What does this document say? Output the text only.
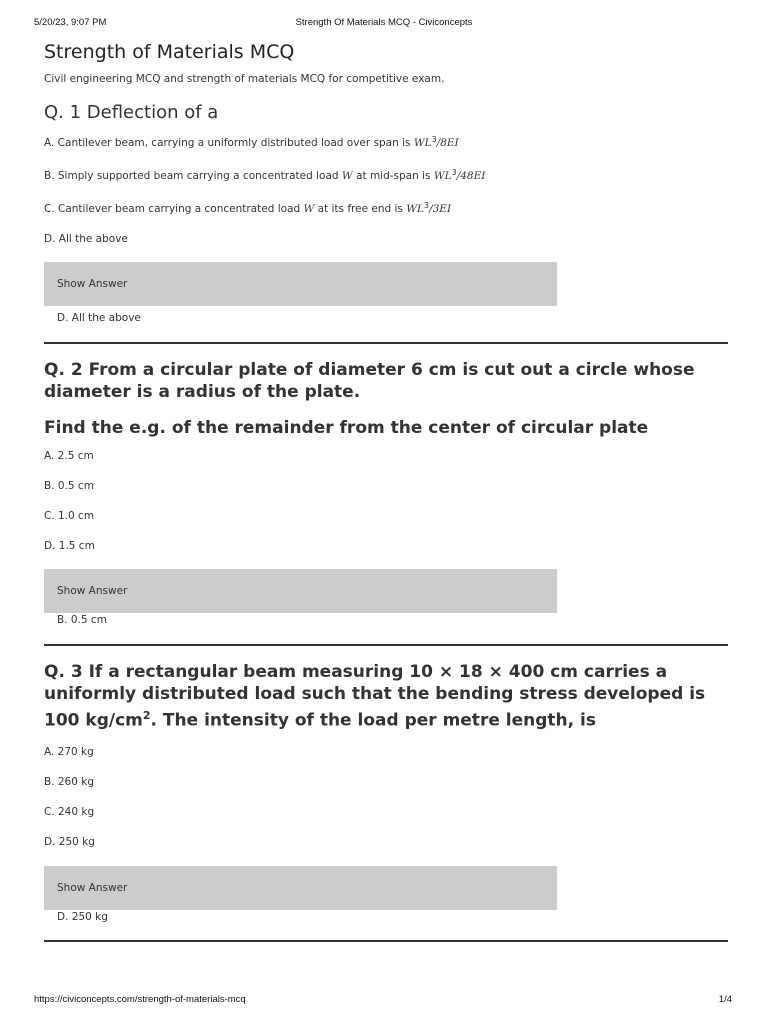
5/20/23, 9:07 PM	Strength Of Materials MCQ - Civiconcepts
Strength of Materials MCQ

Civil engineering MCQ and strength of materials MCQ for competitive exam.

Q. 1 Deflection of a
A. Cantilever beam, carrying a uniformly distributed load over span is $WL^3/8EI$
B. Simply supported beam carrying a concentrated load W at mid-span is $WL^3/48EI$
C. Cantilever beam carrying a concentrated load W at its free end is $WL^3/3EI$
D. All the above
Show Answer
D. All the above
Q. 2 From a circular plate of diameter 6 cm is cut out a circle whose diameter is a radius of the plate.
Find the e.g. of the remainder from the center of circular plate
A. 2.5 cm
B. 0.5 cm
C. 1.0 cm
D. 1.5 cm
Show Answer
B. 0.5 cm
Q. 3 If a rectangular beam measuring 10 × 18 × 400 cm carries a uniformly distributed load such that the bending stress developed is 100 $kg/cm^2$. The intensity of the load per metre length, is
A. 270 kg
B. 260 kg
C. 240 kg
D. 250 kg
Show Answer
D. 250 kg
https://civiconcepts.com/strength-of-materials-mcq	1/4
